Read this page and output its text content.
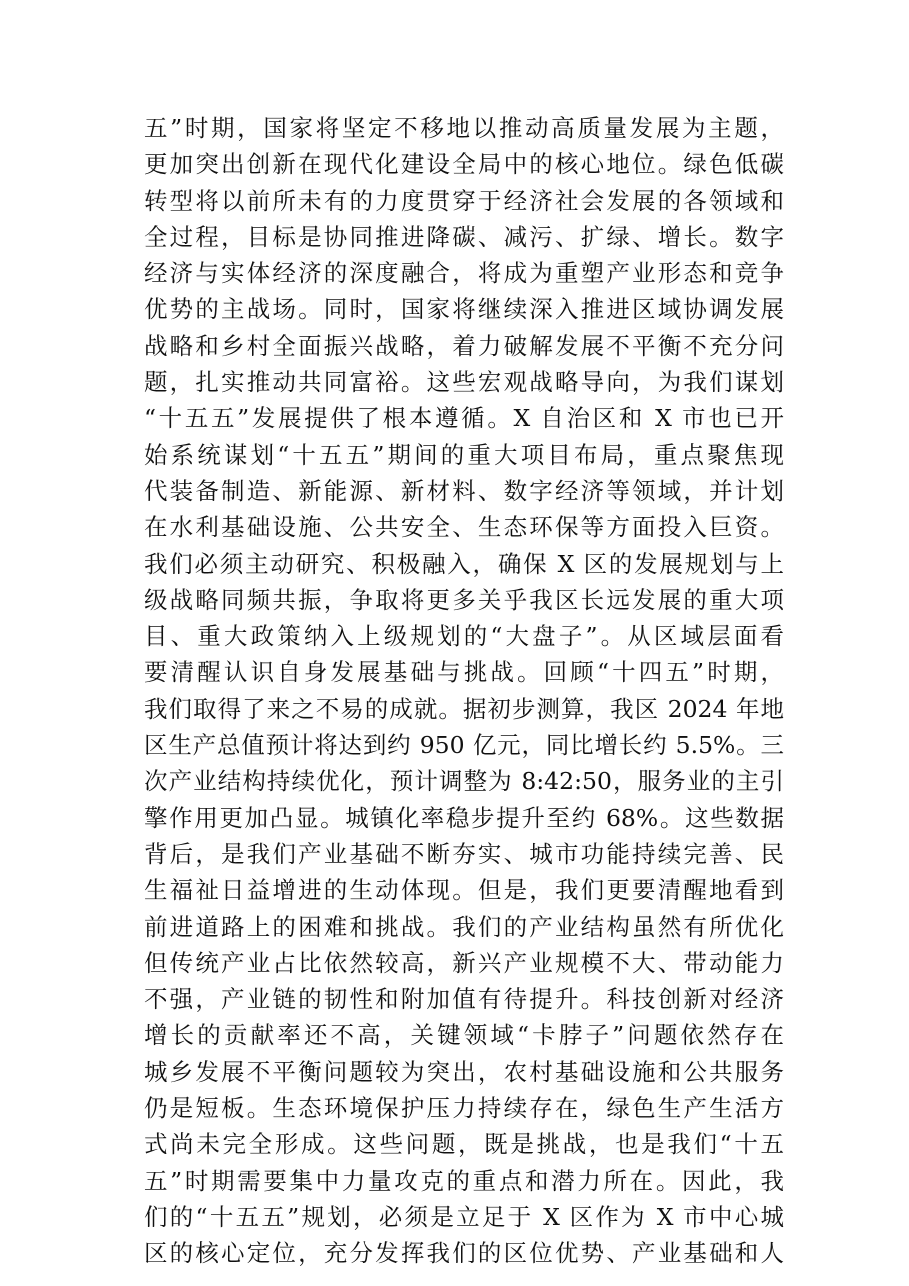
五”时期，国家将坚定不移地以推动高质量发展为主题，
更加突出创新在现代化建设全局中的核心地位。绿色低碳
转型将以前所未有的力度贯穿于经济社会发展的各领域和
全过程，目标是协同推进降碳、减污、扩绿、增长。数字
经济与实体经济的深度融合，将成为重塑产业形态和竞争
优势的主战场。同时，国家将继续深入推进区域协调发展
战略和乡村全面振兴战略，着力破解发展不平衡不充分问
题，扎实推动共同富裕。这些宏观战略导向，为我们谋划
“十五五”发展提供了根本遵循。X 自治区和 X 市也已开
始系统谋划“十五五”期间的重大项目布局，重点聚焦现
代装备制造、新能源、新材料、数字经济等领域，并计划
在水利基础设施、公共安全、生态环保等方面投入巨资。
我们必须主动研究、积极融入，确保 X 区的发展规划与上
级战略同频共振，争取将更多关乎我区长远发展的重大项
目、重大政策纳入上级规划的“大盘子”。从区域层面看
要清醒认识自身发展基础与挑战。回顾“十四五”时期，
我们取得了来之不易的成就。据初步测算，我区 2024 年地
区生产总值预计将达到约 950 亿元，同比增长约 5.5%。三
次产业结构持续优化，预计调整为 8:42:50，服务业的主引
擎作用更加凸显。城镇化率稳步提升至约 68%。这些数据
背后，是我们产业基础不断夯实、城市功能持续完善、民
生福祉日益增进的生动体现。但是，我们更要清醒地看到
前进道路上的困难和挑战。我们的产业结构虽然有所优化
但传统产业占比依然较高，新兴产业规模不大、带动能力
不强，产业链的韧性和附加值有待提升。科技创新对经济
增长的贡献率还不高，关键领域“卡脖子”问题依然存在
城乡发展不平衡问题较为突出，农村基础设施和公共服务
仍是短板。生态环境保护压力持续存在，绿色生产生活方
式尚未完全形成。这些问题，既是挑战，也是我们“十五
五”时期需要集中力量攻克的重点和潜力所在。因此，我
们的“十五五”规划，必须是立足于 X 区作为 X 市中心城
区的核心定位，充分发挥我们的区位优势、产业基础和人
